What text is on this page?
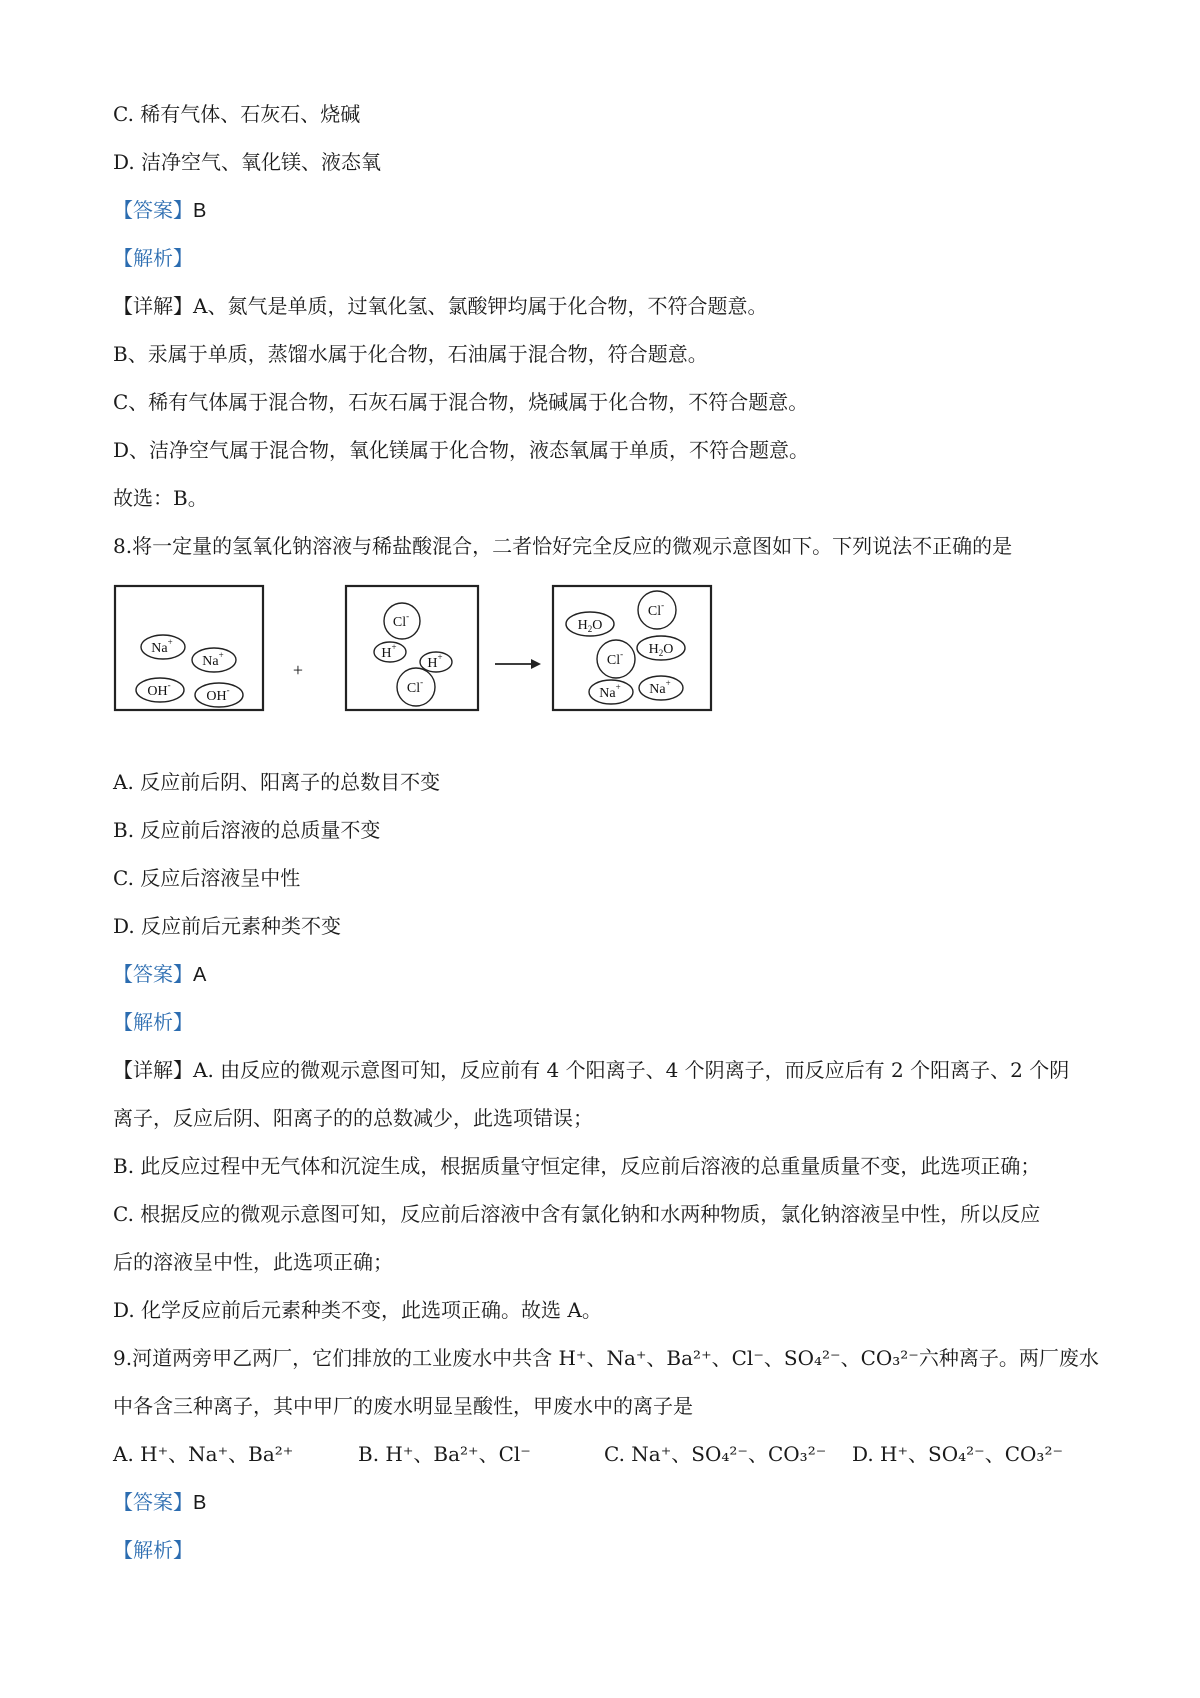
C. 稀有气体、石灰石、烧碱
D. 洁净空气、氧化镁、液态氧
【答案】B
【解析】
【详解】A、氮气是单质，过氧化氢、氯酸钾均属于化合物，不符合题意。
B、汞属于单质，蒸馏水属于化合物，石油属于混合物，符合题意。
C、稀有气体属于混合物，石灰石属于混合物，烧碱属于化合物，不符合题意。
D、洁净空气属于混合物，氧化镁属于化合物，液态氧属于单质，不符合题意。
故选：B。
8.将一定量的氢氧化钠溶液与稀盐酸混合，二者恰好完全反应的微观示意图如下。下列说法不正确的是
+
Na+
Na+
OH-
OH-
Cl-
H+
H+
Cl-
$H_2O$
Cl-
Cl- $H_2O$
Na+ Na+
A. 反应前后阴、阳离子的总数目不变
B. 反应前后溶液的总质量不变
C. 反应后溶液呈中性
D. 反应前后元素种类不变
【答案】A
【解析】
【详解】A. 由反应的微观示意图可知，反应前有 4 个阳离子、4 个阴离子，而反应后有 2 个阳离子、2 个阴
离子，反应后阴、阳离子的的总数减少，此选项错误；
B. 此反应过程中无气体和沉淀生成，根据质量守恒定律，反应前后溶液的总重量质量不变，此选项正确；
C. 根据反应的微观示意图可知，反应前后溶液中含有氯化钠和水两种物质，氯化钠溶液呈中性，所以反应
后的溶液呈中性，此选项正确；
D. 化学反应前后元素种类不变，此选项正确。故选 A。
9.河道两旁甲乙两厂，它们排放的工业废水中共含 H⁺、Na⁺、Ba²⁺、Cl⁻、SO₄²⁻、CO₃²⁻六种离子。两厂废水
中各含三种离子，其中甲厂的废水明显呈酸性，甲废水中的离子是
A. H⁺、Na⁺、Ba²⁺	B. H⁺、Ba²⁺、Cl⁻	C. Na⁺、SO₄²⁻、CO₃²⁻ D. H⁺、SO₄²⁻、CO₃²⁻
【答案】B
【解析】
